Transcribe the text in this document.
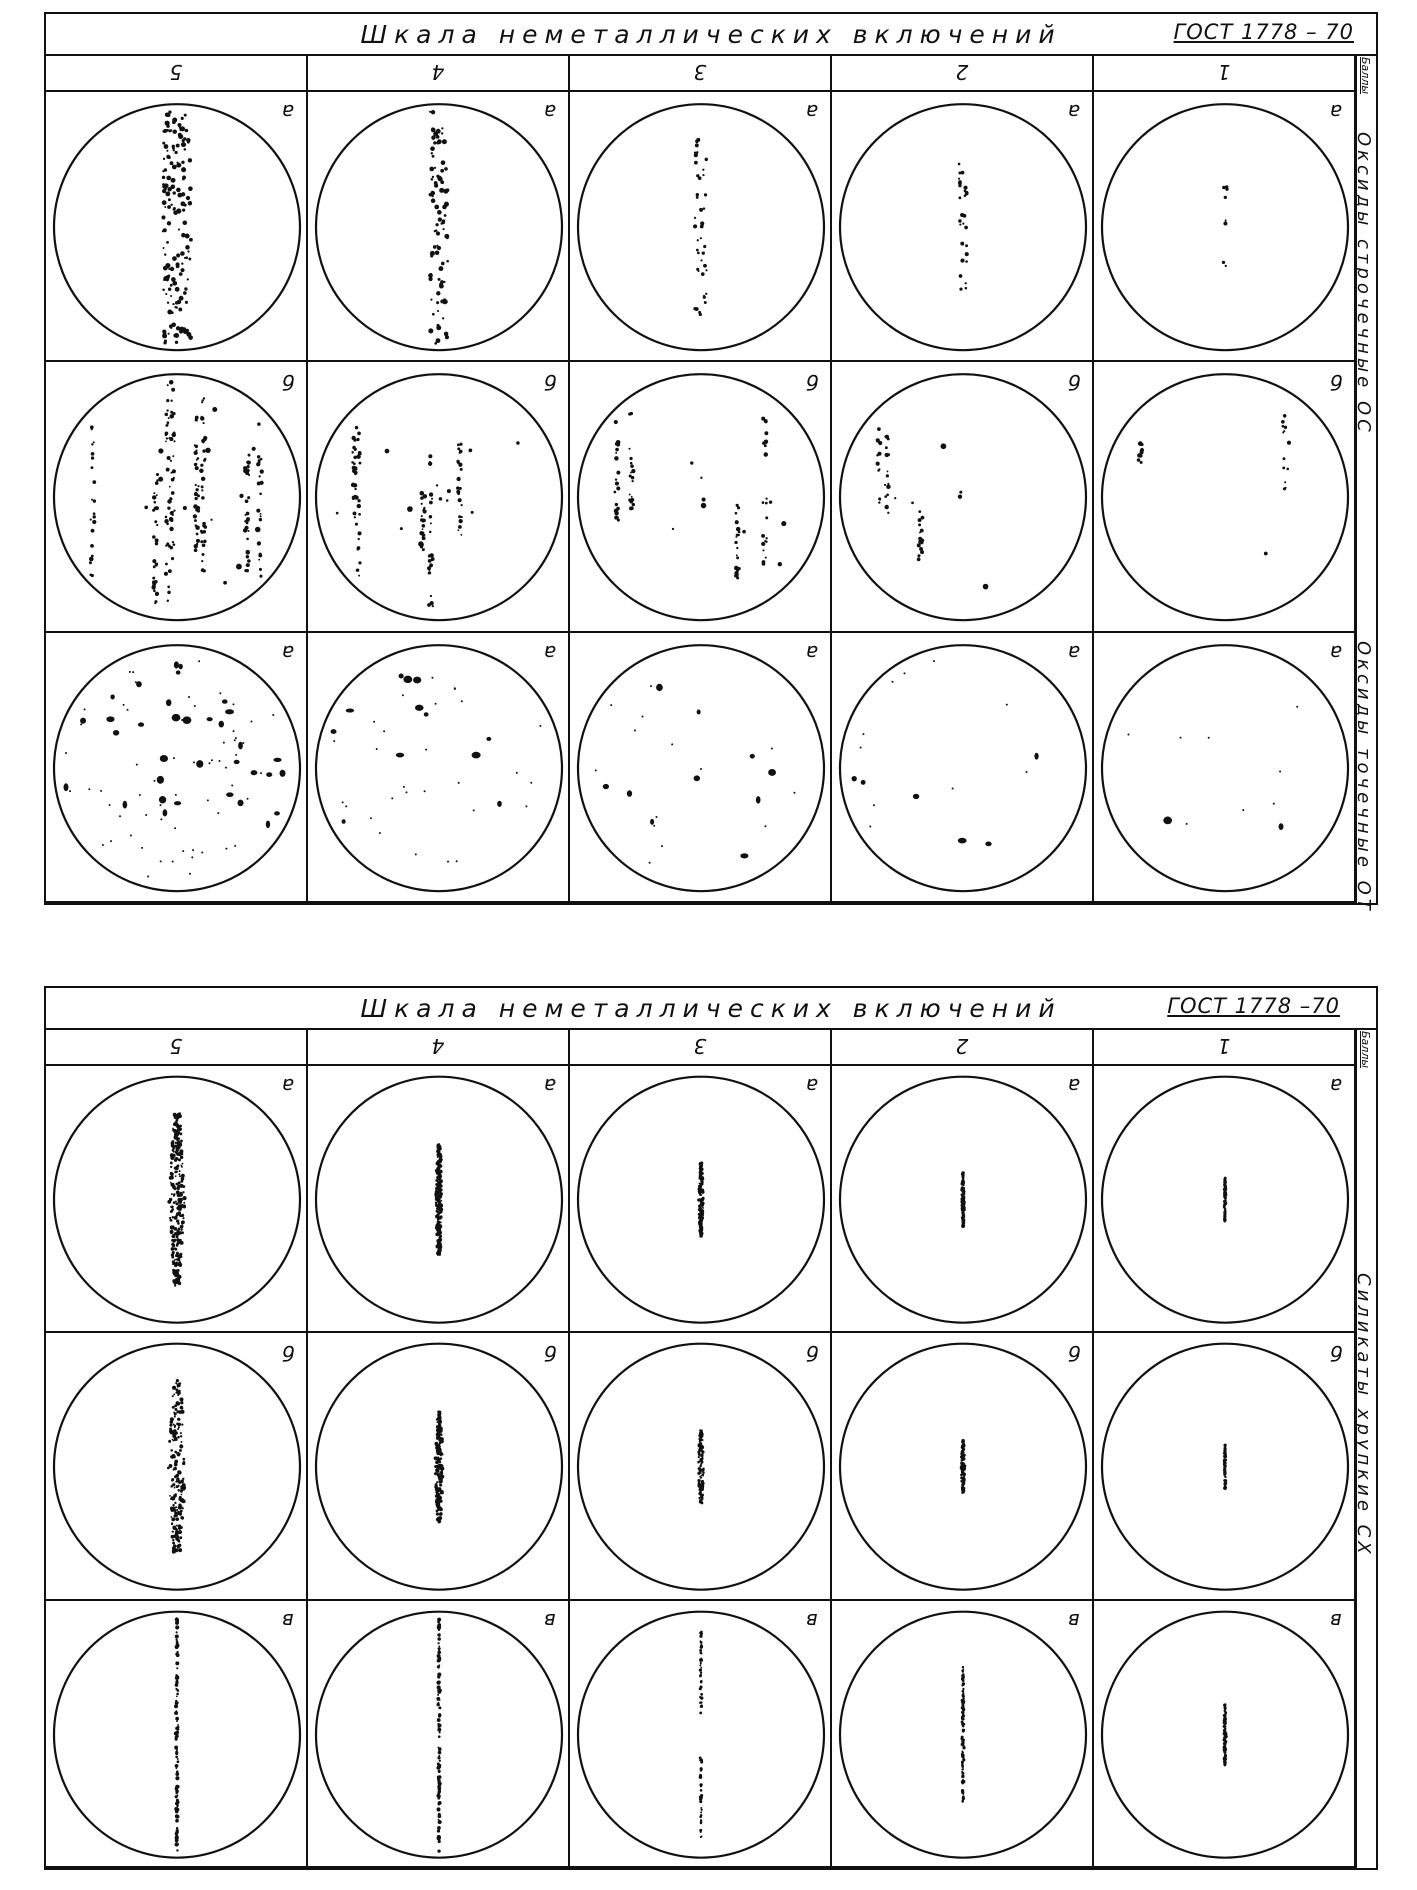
Шкала неметаллических включений	ГОСТ 1778 – 70
5	4	3	2	1	Баллы
Оксиды строчечные ОС
Оксиды точечные ОТ
а	а	а	а	а
б	б	б	б	б
а	а	а	а	а
Шкала неметаллических включений	ГОСТ 1778 –70
5	4	3	2	1	Баллы
Силикаты хрупкие СХ
а	а	а	а	а
б	б	б	б	б
в	в	в	в	в
